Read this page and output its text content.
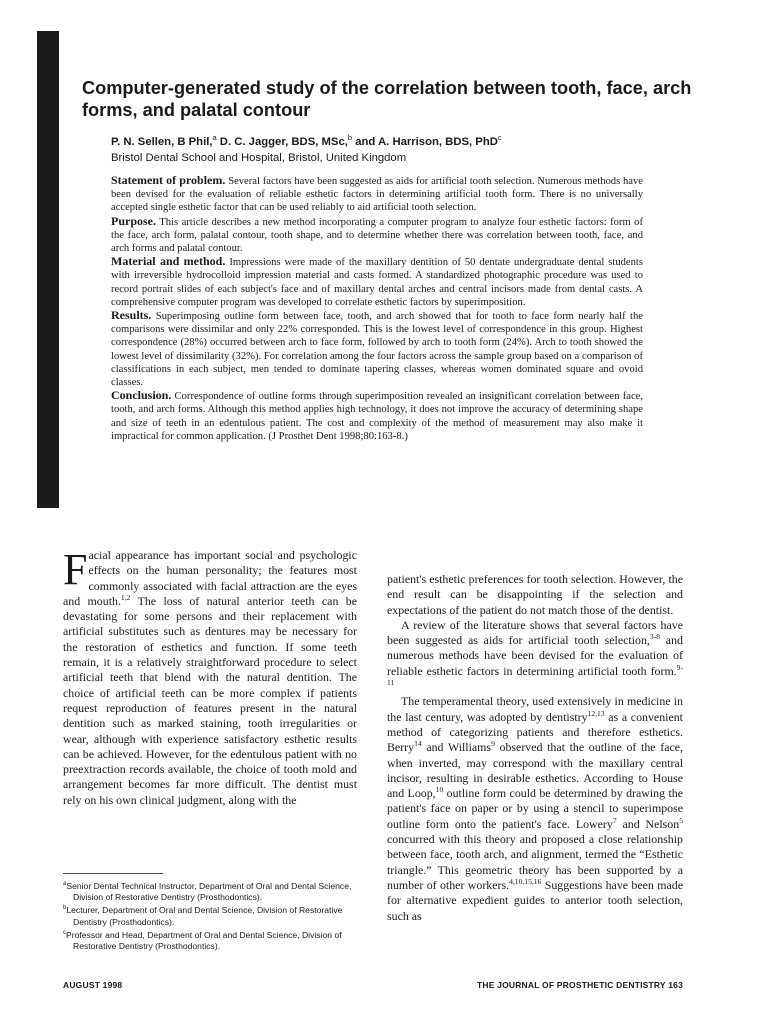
Computer-generated study of the correlation between tooth, face, arch forms, and palatal contour
P. N. Sellen, B Phil,$^a$ D. C. Jagger, BDS, MSc,$^b$ and A. Harrison, BDS, PhD$^c$
Bristol Dental School and Hospital, Bristol, United Kingdom

Statement of problem. Several factors have been suggested as aids for artificial tooth selection. Numerous methods have been devised for the evaluation of reliable esthetic factors in determining artificial tooth form. There is no universally accepted single esthetic factor that can be used reliably to aid artificial tooth selection.

Purpose. This article describes a new method incorporating a computer program to analyze four esthetic factors: form of the face, arch form, palatal contour, tooth shape, and to determine whether there was correlation between tooth, face, and arch forms and palatal contour.

Material and method. Impressions were made of the maxillary dentition of 50 dentate undergraduate dental students with irreversible hydrocolloid impression material and casts formed. A standardized photographic procedure was used to record portrait slides of each subject's face and of maxillary dental arches and central incisors made from dental casts. A comprehensive computer program was developed to correlate esthetic factors by superimposition.

Results. Superimposing outline form between face, tooth, and arch showed that for tooth to face form nearly half the comparisons were dissimilar and only 22% corresponded. This is the lowest level of correspondence in this group. Highest correspondence (28%) occurred between arch to face form, followed by arch to tooth form (24%). Arch to tooth showed the lowest level of dissimilarity (32%). For correlation among the four factors across the sample group based on a comparison of classifications in each subject, men tended to dominate tapering classes, whereas women dominated square and ovoid classes.

Conclusion. Correspondence of outline forms through superimposition revealed an insignificant correlation between face, tooth, and arch forms. Although this method applies high technology, it does not improve the accuracy of determining shape and size of teeth in an edentulous patient. The cost and complexity of the method of measurement may also make it impractical for common application. (J Prosthet Dent 1998;80:163-8.)

Facial appearance has important social and psychologic effects on the human personality; the features most commonly associated with facial attraction are the eyes and mouth.$^{1,2}$ The loss of natural anterior teeth can be devastating for some persons and their replacement with artificial substitutes such as dentures may be necessary for the restoration of esthetics and function. If some teeth remain, it is a relatively straightforward procedure to select artificial teeth that blend with the natural dentition. The choice of artificial teeth can be more complex if patients request reproduction of features present in the natural dentition such as marked staining, tooth irregularities or wear, although with experience satisfactory esthetic results can be achieved. However, for the edentulous patient with no preextraction records available, the choice of tooth mold and arrangement becomes far more difficult. The dentist must rely on his own clinical judgment, along with the

patient's esthetic preferences for tooth selection. However, the end result can be disappointing if the selection and expectations of the patient do not match those of the dentist.

A review of the literature shows that several factors have been suggested as aids for artificial tooth selection,$^{3-8}$ and numerous methods have been devised for the evaluation of reliable esthetic factors in determining artificial tooth form.$^{9-11}$

The temperamental theory, used extensively in medicine in the last century, was adopted by dentistry$^{12,13}$ as a convenient method of categorizing patients and therefore esthetics. Berry$^{14}$ and Williams$^9$ observed that the outline of the face, when inverted, may correspond with the maxillary central incisor, resulting in desirable esthetics. According to House and Loop,$^{10}$ outline form could be determined by drawing the patient's face on paper or by using a stencil to superimpose outline form onto the patient's face. Lowery$^7$ and Nelson$^5$ concurred with this theory and proposed a close relationship between face, tooth arch, and alignment, termed the “Esthetic triangle.” This geometric theory has been supported by a number of other workers.$^{4,10,15,16}$ Suggestions have been made for alternative expedient guides to anterior tooth selection, such as

$^a$Senior Dental Technical Instructor, Department of Oral and Dental Science, Division of Restorative Dentistry (Prosthodontics).

$^b$Lecturer, Department of Oral and Dental Science, Division of Restorative Dentistry (Prosthodontics).

$^c$Professor and Head, Department of Oral and Dental Science, Division of Restorative Dentistry (Prosthodontics).

AUGUST 1998	THE JOURNAL OF PROSTHETIC DENTISTRY 163
